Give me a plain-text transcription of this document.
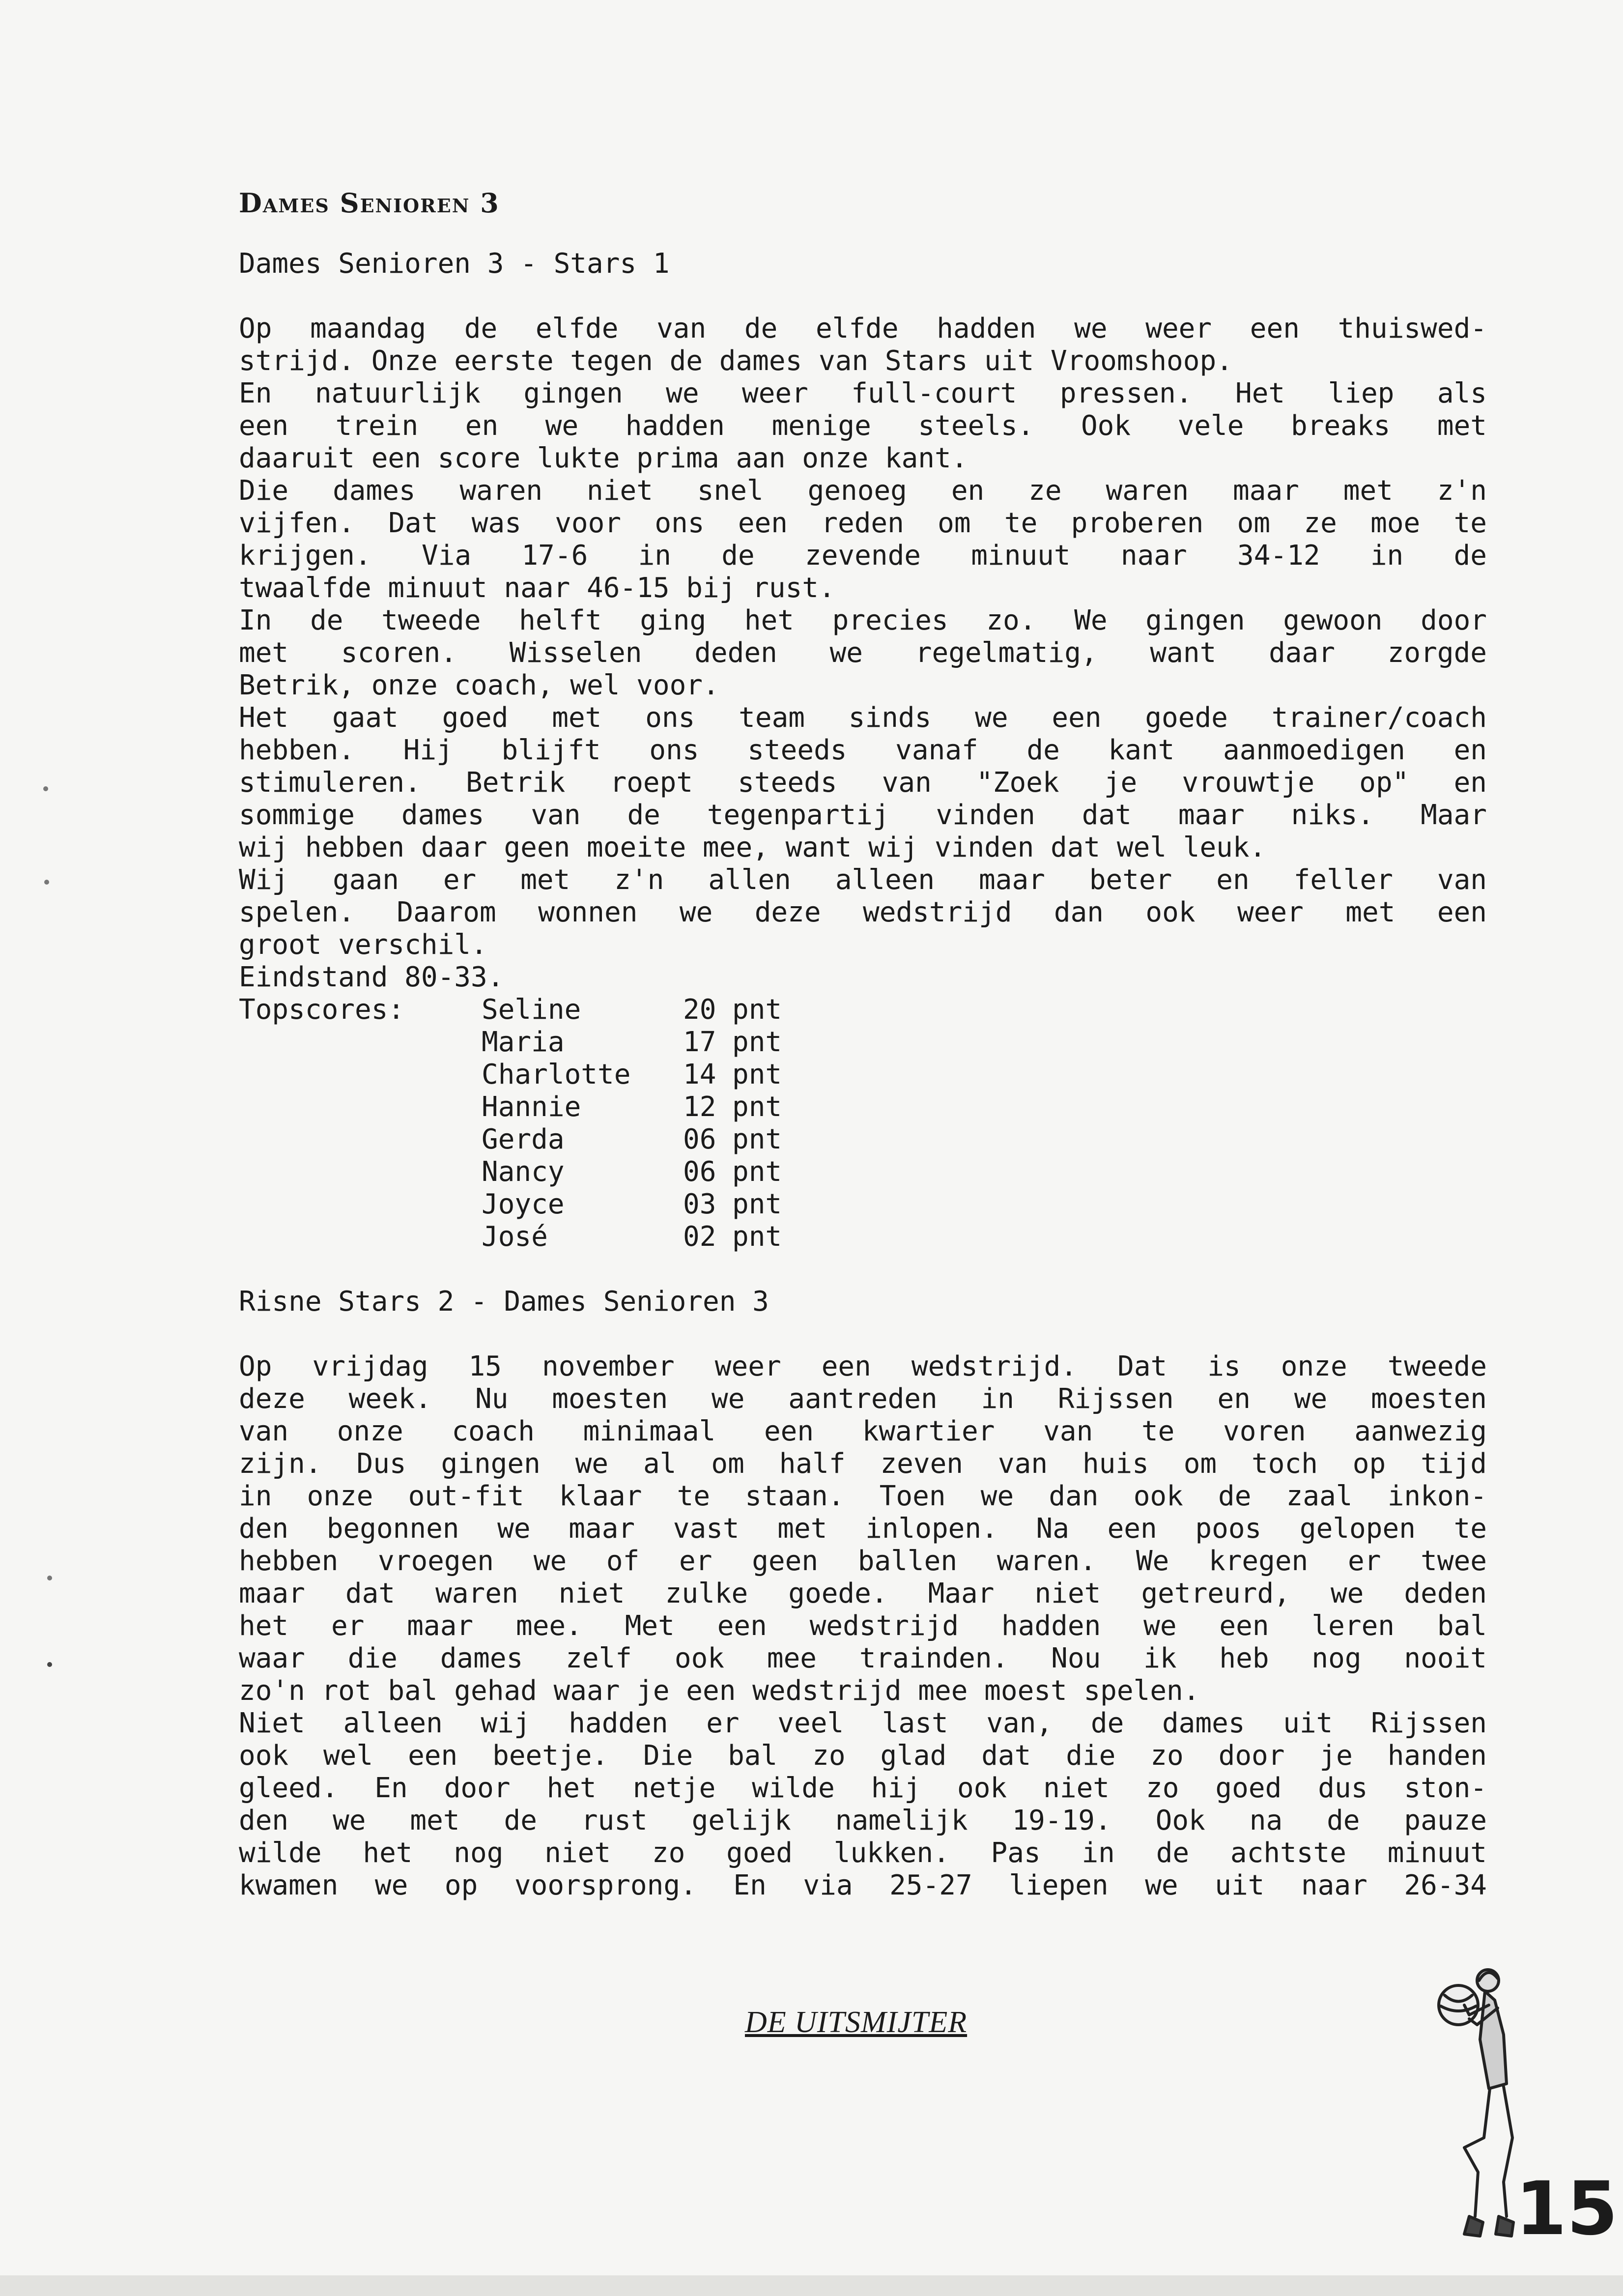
Dames Senioren 3
Dames Senioren 3 - Stars 1
Op maandag de elfde van de elfde hadden we weer een thuiswed-
strijd. Onze eerste tegen de dames van Stars uit Vroomshoop.
En natuurlijk gingen we weer full-court pressen. Het liep als
een trein en we hadden menige steels. Ook vele breaks met
daaruit een score lukte prima aan onze kant.
Die dames waren niet snel genoeg en ze waren maar met z'n
vijfen. Dat was voor ons een reden om te proberen om ze moe te
krijgen. Via 17-6 in de zevende minuut naar 34-12 in de
twaalfde minuut naar 46-15 bij rust.
In de tweede helft ging het precies zo. We gingen gewoon door
met scoren. Wisselen deden we regelmatig, want daar zorgde
Betrik, onze coach, wel voor.
Het gaat goed met ons team sinds we een goede trainer/coach
hebben. Hij blijft ons steeds vanaf de kant aanmoedigen en
stimuleren. Betrik roept steeds van "Zoek je vrouwtje op" en
sommige dames van de tegenpartij vinden dat maar niks. Maar
wij hebben daar geen moeite mee, want wij vinden dat wel leuk.
Wij gaan er met z'n allen alleen maar beter en feller van
spelen. Daarom wonnen we deze wedstrijd dan ook weer met een
groot verschil.
Eindstand 80-33.
Topscores:	Seline	20 pnt
Maria	17 pnt
Charlotte	14 pnt
Hannie	12 pnt
Gerda	06 pnt
Nancy	06 pnt
Joyce	03 pnt
José	02 pnt
Risne Stars 2 - Dames Senioren 3
Op vrijdag 15 november weer een wedstrijd. Dat is onze tweede
deze week. Nu moesten we aantreden in Rijssen en we moesten
van onze coach minimaal een kwartier van te voren aanwezig
zijn. Dus gingen we al om half zeven van huis om toch op tijd
in onze out-fit klaar te staan. Toen we dan ook de zaal inkon-
den begonnen we maar vast met inlopen. Na een poos gelopen te
hebben vroegen we of er geen ballen waren. We kregen er twee
maar dat waren niet zulke goede. Maar niet getreurd, we deden
het er maar mee. Met een wedstrijd hadden we een leren bal
waar die dames zelf ook mee trainden. Nou ik heb nog nooit
zo'n rot bal gehad waar je een wedstrijd mee moest spelen.
Niet alleen wij hadden er veel last van, de dames uit Rijssen
ook wel een beetje. Die bal zo glad dat die zo door je handen
gleed. En door het netje wilde hij ook niet zo goed dus ston-
den we met de rust gelijk namelijk 19-19. Ook na de pauze
wilde het nog niet zo goed lukken. Pas in de achtste minuut
kwamen we op voorsprong. En via 25-27 liepen we uit naar 26-34
DE UITSMIJTER
15
